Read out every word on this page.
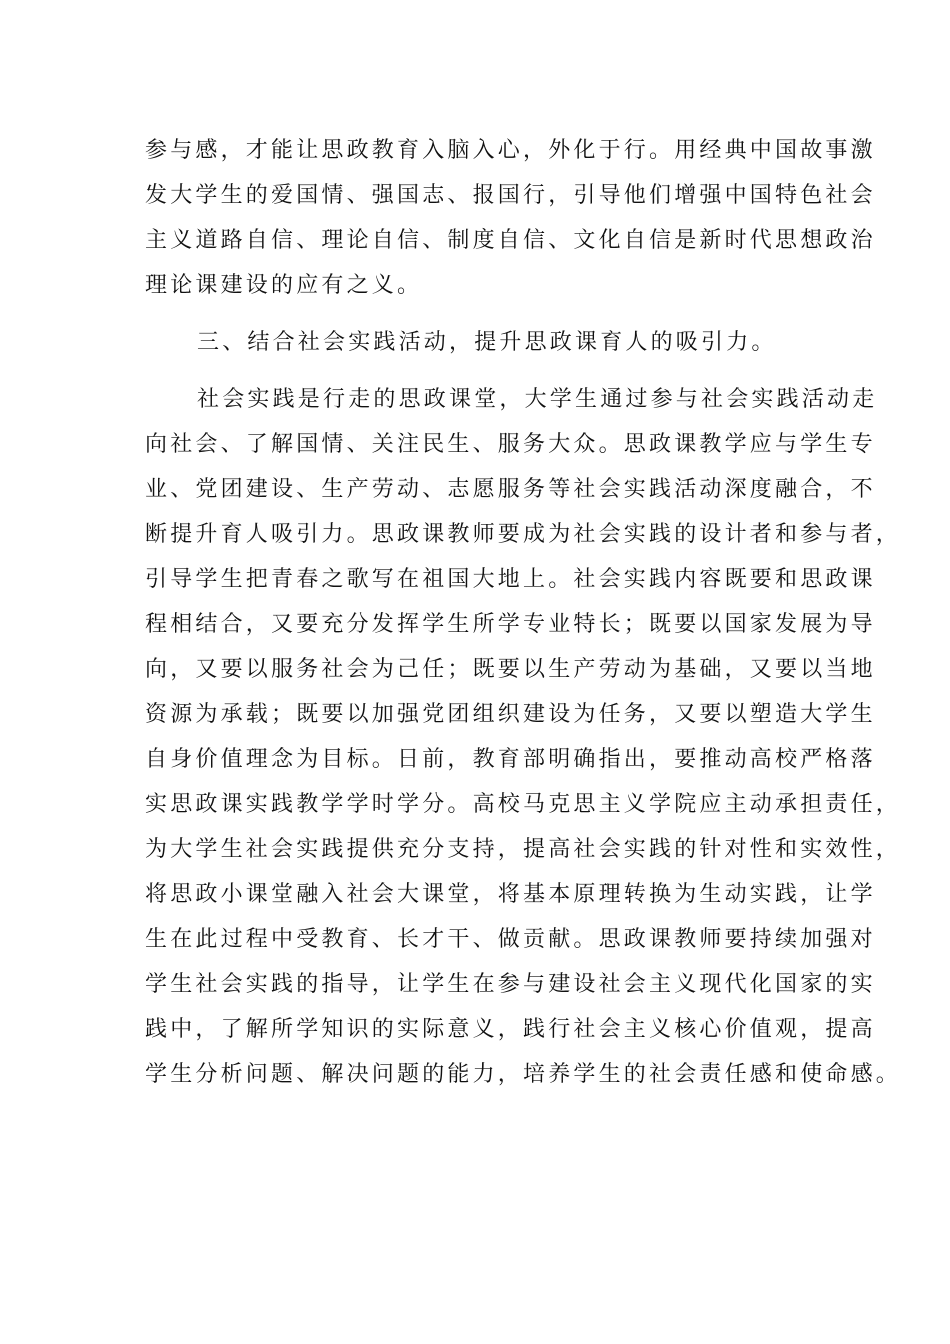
参与感，才能让思政教育入脑入心，外化于行。用经典中国故事激
发大学生的爱国情、强国志、报国行，引导他们增强中国特色社会
主义道路自信、理论自信、制度自信、文化自信是新时代思想政治
理论课建设的应有之义。
三、结合社会实践活动，提升思政课育人的吸引力。
社会实践是行走的思政课堂，大学生通过参与社会实践活动走
向社会、了解国情、关注民生、服务大众。思政课教学应与学生专
业、党团建设、生产劳动、志愿服务等社会实践活动深度融合，不
断提升育人吸引力。思政课教师要成为社会实践的设计者和参与者，
引导学生把青春之歌写在祖国大地上。社会实践内容既要和思政课
程相结合，又要充分发挥学生所学专业特长；既要以国家发展为导
向，又要以服务社会为己任；既要以生产劳动为基础，又要以当地
资源为承载；既要以加强党团组织建设为任务，又要以塑造大学生
自身价值理念为目标。日前，教育部明确指出，要推动高校严格落
实思政课实践教学学时学分。高校马克思主义学院应主动承担责任，
为大学生社会实践提供充分支持，提高社会实践的针对性和实效性，
将思政小课堂融入社会大课堂，将基本原理转换为生动实践，让学
生在此过程中受教育、长才干、做贡献。思政课教师要持续加强对
学生社会实践的指导，让学生在参与建设社会主义现代化国家的实
践中，了解所学知识的实际意义，践行社会主义核心价值观，提高
学生分析问题、解决问题的能力，培养学生的社会责任感和使命感。
